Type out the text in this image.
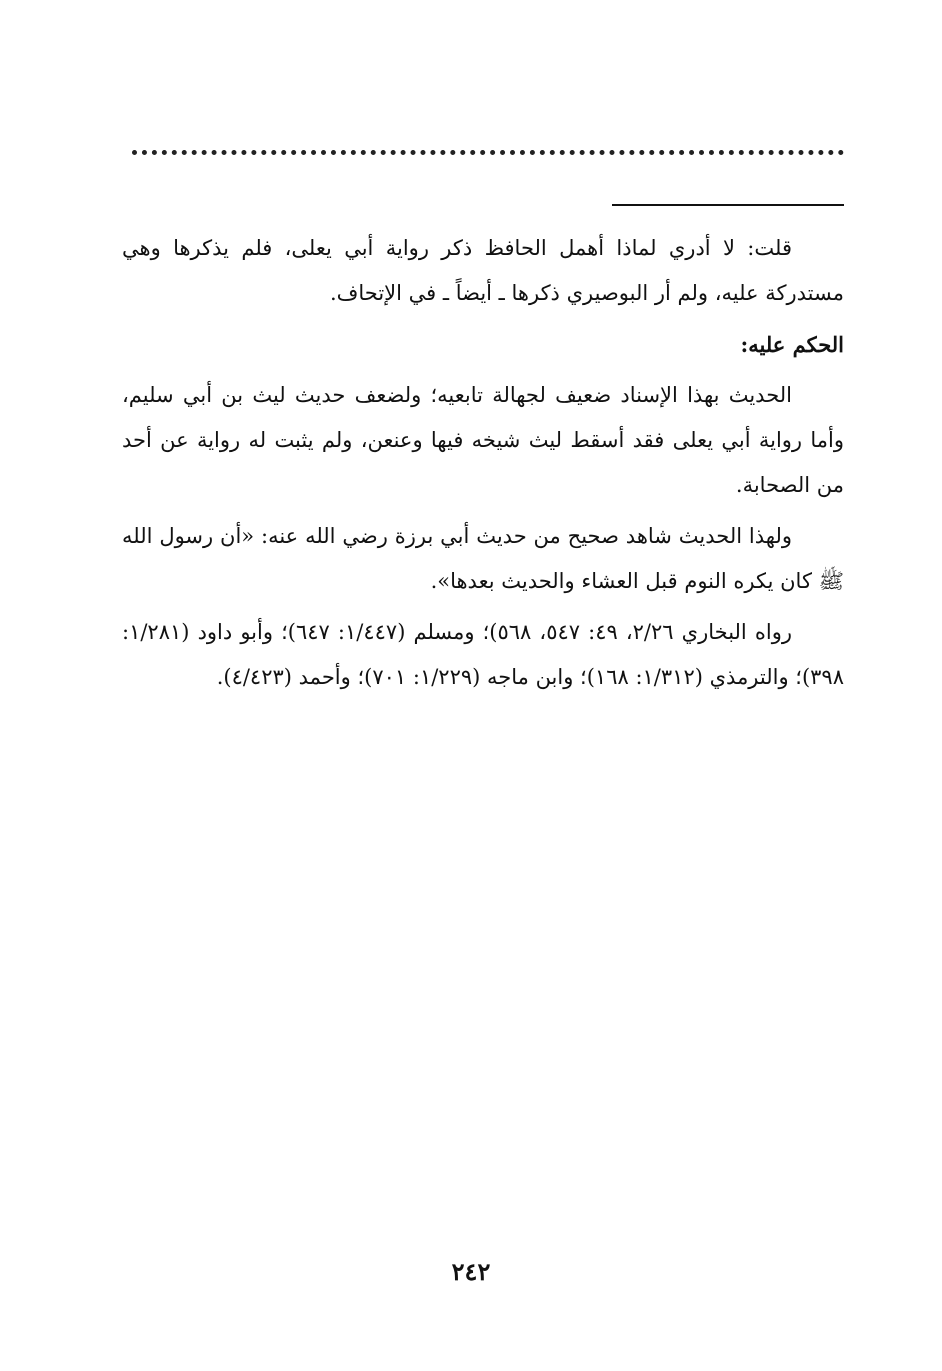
قلت: لا أدري لماذا أهمل الحافظ ذكر رواية أبي يعلى، فلم يذكرها وهي مستدركة عليه، ولم أر البوصيري ذكرها ـ أيضاً ـ في الإتحاف.

الحكم عليه:

الحديث بهذا الإسناد ضعيف لجهالة تابعيه؛ ولضعف حديث ليث بن أبي سليم، وأما رواية أبي يعلى فقد أسقط ليث شيخه فيها وعنعن، ولم يثبت له رواية عن أحد من الصحابة.

ولهذا الحديث شاهد صحيح من حديث أبي برزة رضي الله عنه: «أن رسول الله ﷺ كان يكره النوم قبل العشاء والحديث بعدها».

رواه البخاري ٢/٢٦، ٤٩: ٥٤٧، ٥٦٨)؛ ومسلم (١/٤٤٧: ٦٤٧)؛ وأبو داود (١/٢٨١: ٣٩٨)؛ والترمذي (١/٣١٢: ١٦٨)؛ وابن ماجه (١/٢٢٩: ٧٠١)؛ وأحمد (٤/٤٢٣).

٢٤٢
